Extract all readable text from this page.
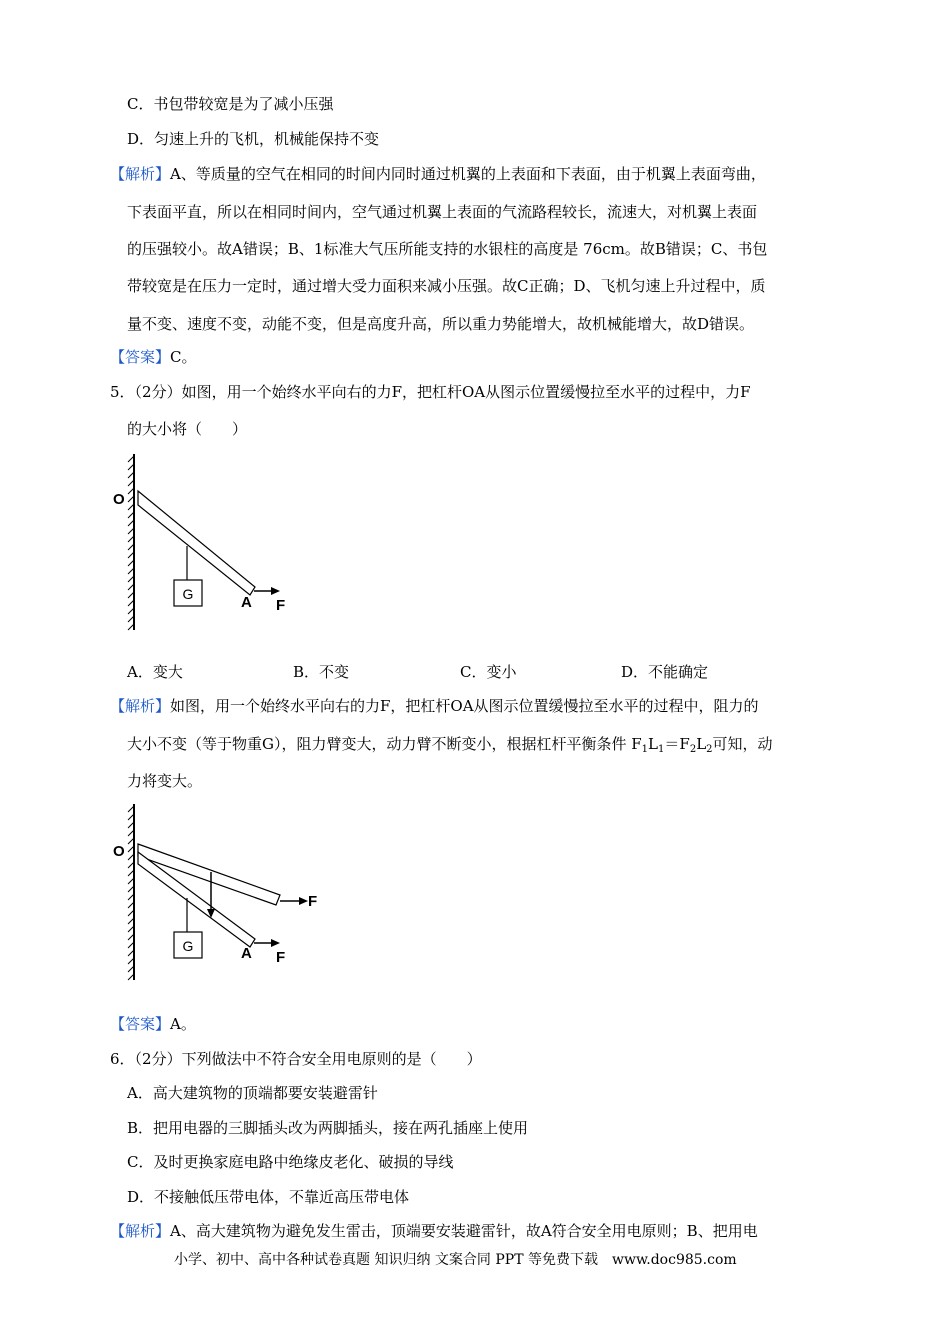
C．书包带较宽是为了减小压强
D．匀速上升的飞机，机械能保持不变
【解析】A、等质量的空气在相同的时间内同时通过机翼的上表面和下表面，由于机翼上表面弯曲，
下表面平直，所以在相同时间内，空气通过机翼上表面的气流路程较长，流速大，对机翼上表面
的压强较小。故A错误；B、1标准大气压所能支持的水银柱的高度是 76cm。故B错误；C、书包
带较宽是在压力一定时，通过增大受力面积来减小压强。故C正确；D、飞机匀速上升过程中，质
量不变、速度不变，动能不变，但是高度升高，所以重力势能增大，故机械能增大，故D错误。
【答案】C。
5．（2分）如图，用一个始终水平向右的力F，把杠杆OA从图示位置缓慢拉至水平的过程中，力F
的大小将（　　）
G
O
A F
A．变大	B．不变	C．变小	D．不能确定
【解析】如图，用一个始终水平向右的力F，把杠杆OA从图示位置缓慢拉至水平的过程中，阻力的
大小不变（等于物重G），阻力臂变大，动力臂不断变小，根据杠杆平衡条件 $F_1L_1=F_2L_2$可知，动
力将变大。
G
O
A
F
F
【答案】A。
6．（2分）下列做法中不符合安全用电原则的是（　　）
A．高大建筑物的顶端都要安装避雷针
B．把用电器的三脚插头改为两脚插头，接在两孔插座上使用
C．及时更换家庭电路中绝缘皮老化、破损的导线
D．不接触低压带电体，不靠近高压带电体
【解析】A、高大建筑物为避免发生雷击，顶端要安装避雷针，故A符合安全用电原则；B、把用电
小学、初中、高中各种试卷真题 知识归纳 文案合同 PPT 等免费下载　www.doc985.com
